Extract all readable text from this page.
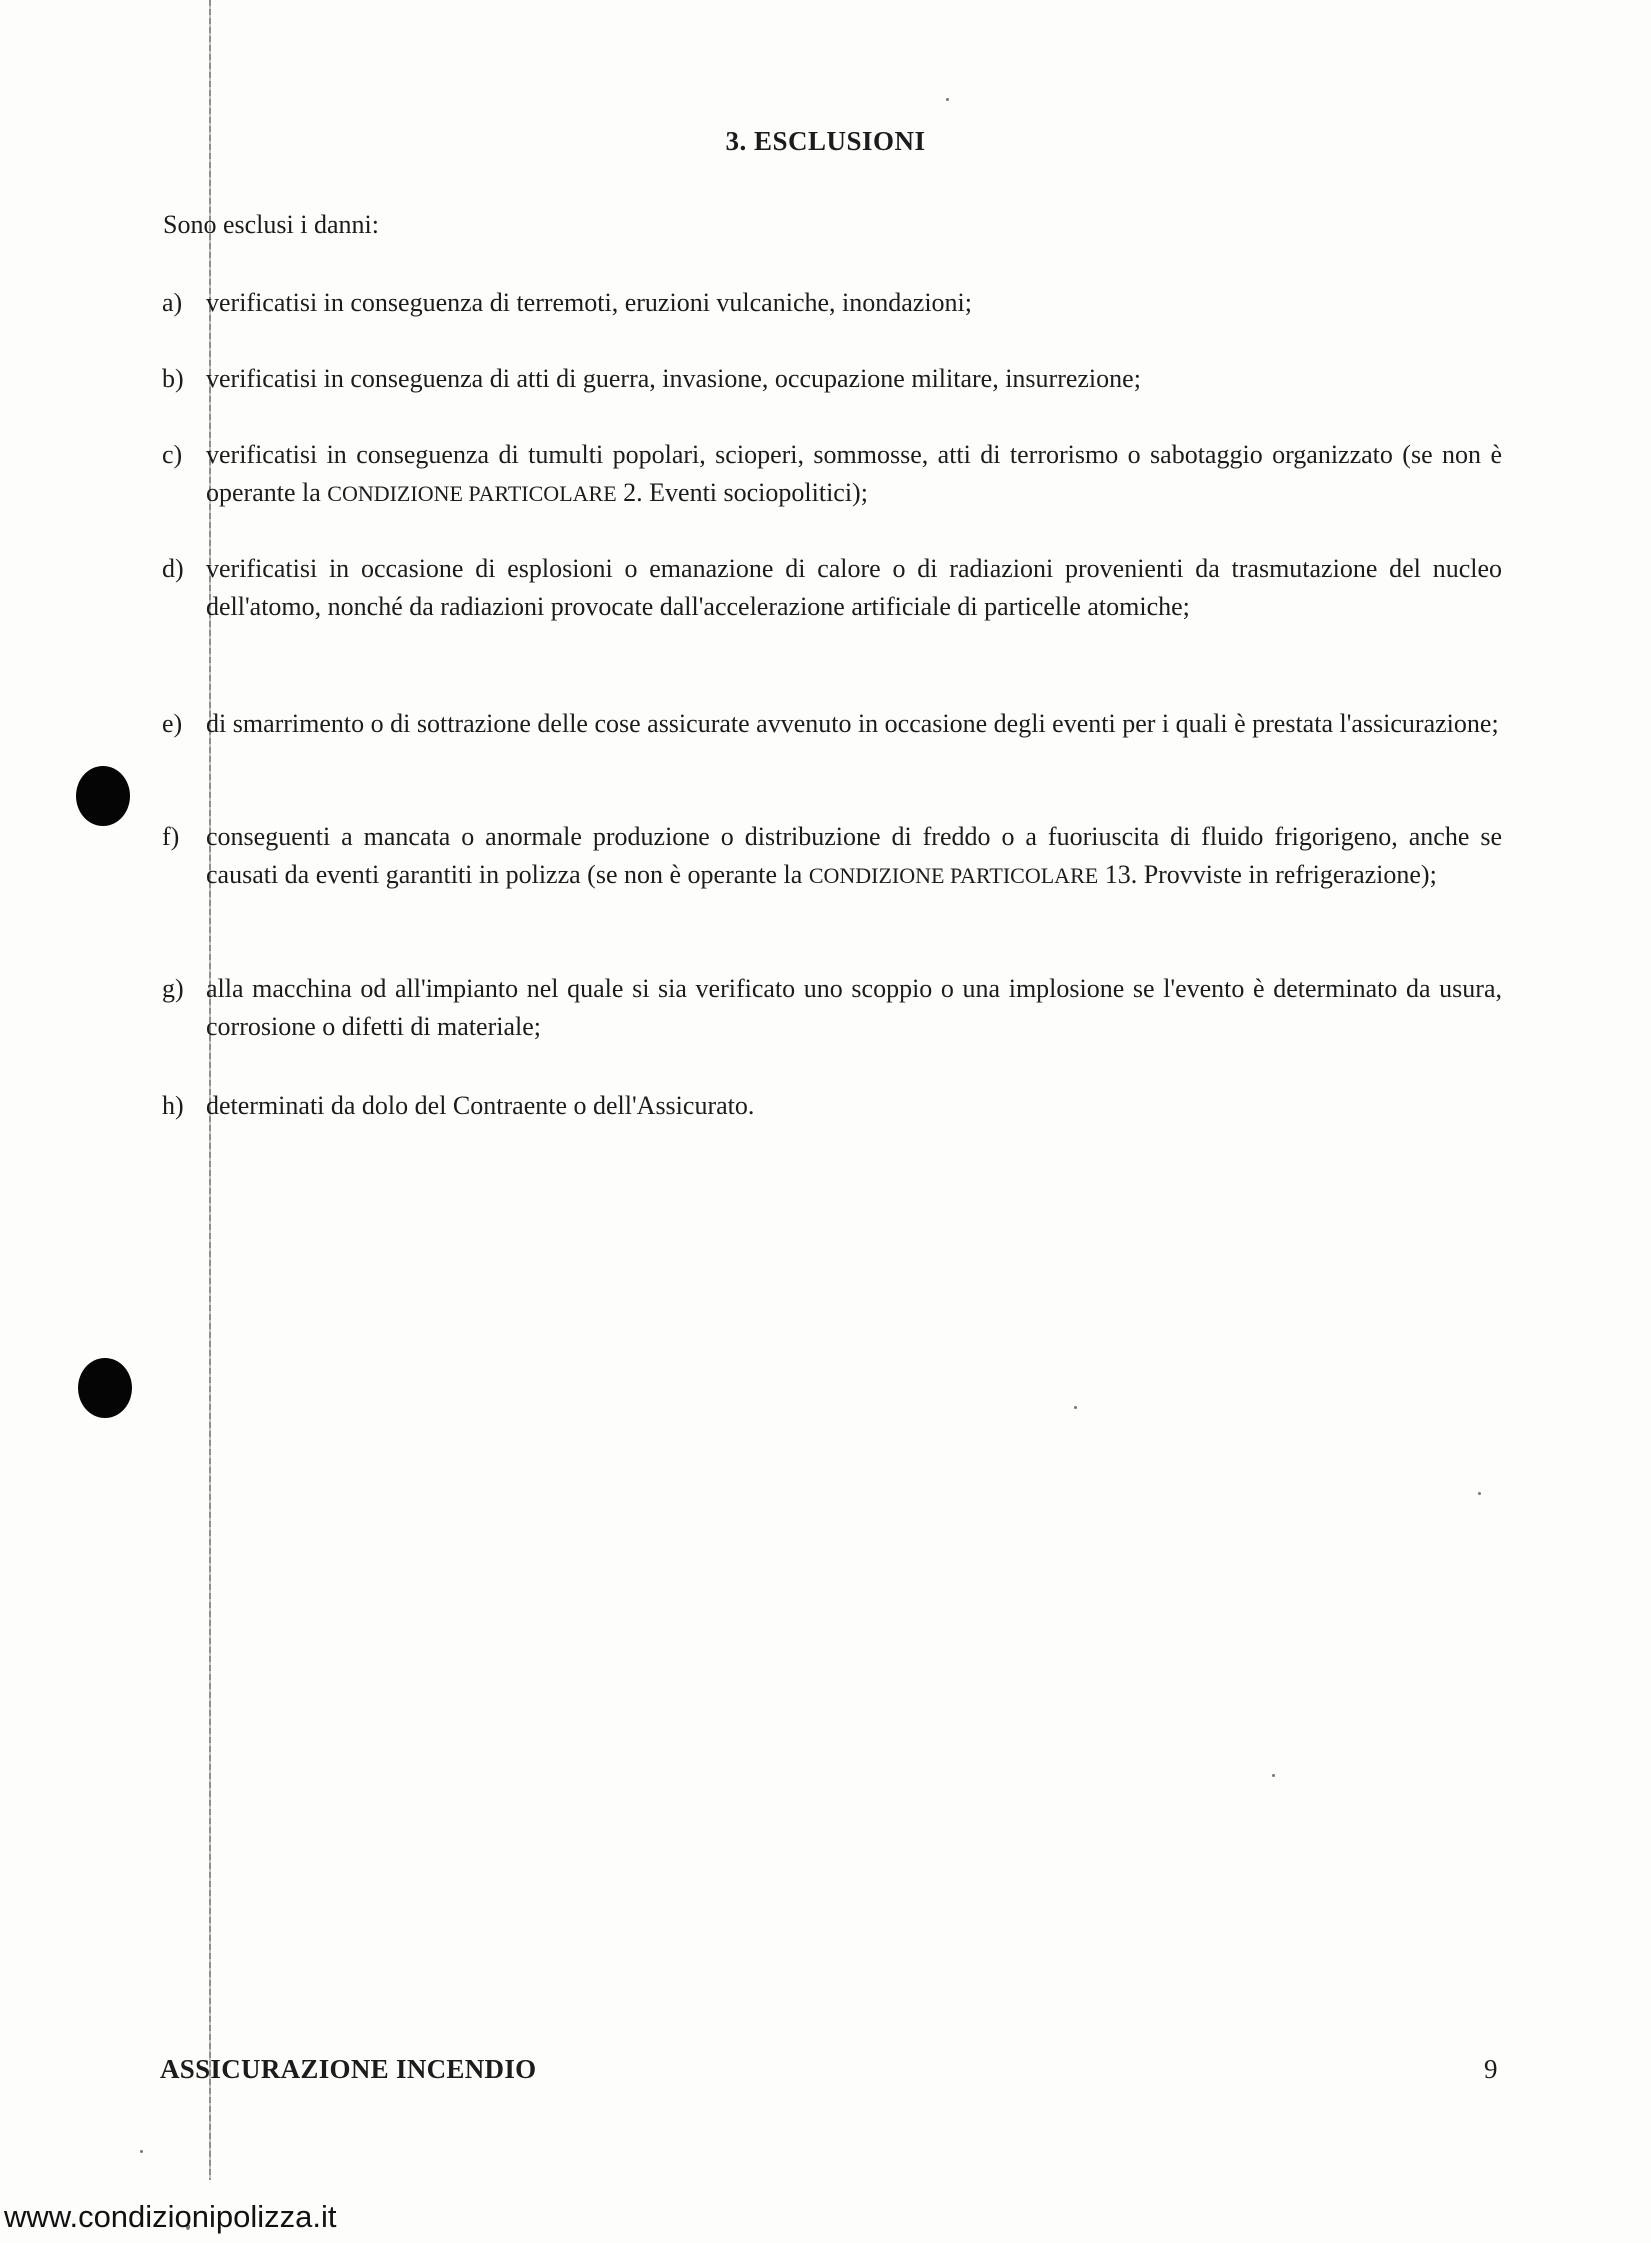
3. ESCLUSIONI
Sono esclusi i danni:
a) verificatisi in conseguenza di terremoti, eruzioni vulcaniche, inondazioni;
b) verificatisi in conseguenza di atti di guerra, invasione, occupazione militare, insurrezione;
c) verificatisi in conseguenza di tumulti popolari, scioperi, sommosse, atti di terrorismo o sabotaggio organizzato (se non è operante la CONDIZIONE PARTICOLARE 2. Eventi sociopolitici);
d) verificatisi in occasione di esplosioni o emanazione di calore o di radiazioni provenienti da trasmutazione del nucleo dell'atomo, nonché da radiazioni provocate dall'accelerazione artificiale di particelle atomiche;
e) di smarrimento o di sottrazione delle cose assicurate avvenuto in occasione degli eventi per i quali è prestata l'assicurazione;
f)	conseguenti a mancata o anormale produzione o distribuzione di freddo o a fuoriuscita di fluido frigorigeno, anche se causati da eventi garantiti in polizza (se non è operante la CONDIZIONE PARTICOLARE 13. Provviste in refrigerazione);
g) alla macchina od all'impianto nel quale si sia verificato uno scoppio o una implosione se l'evento è determinato da usura, corrosione o difetti di materiale;
h) determinati da dolo del Contraente o dell'Assicurato.
ASSICURAZIONE INCENDIO	9
www.condizionipolizza.it
